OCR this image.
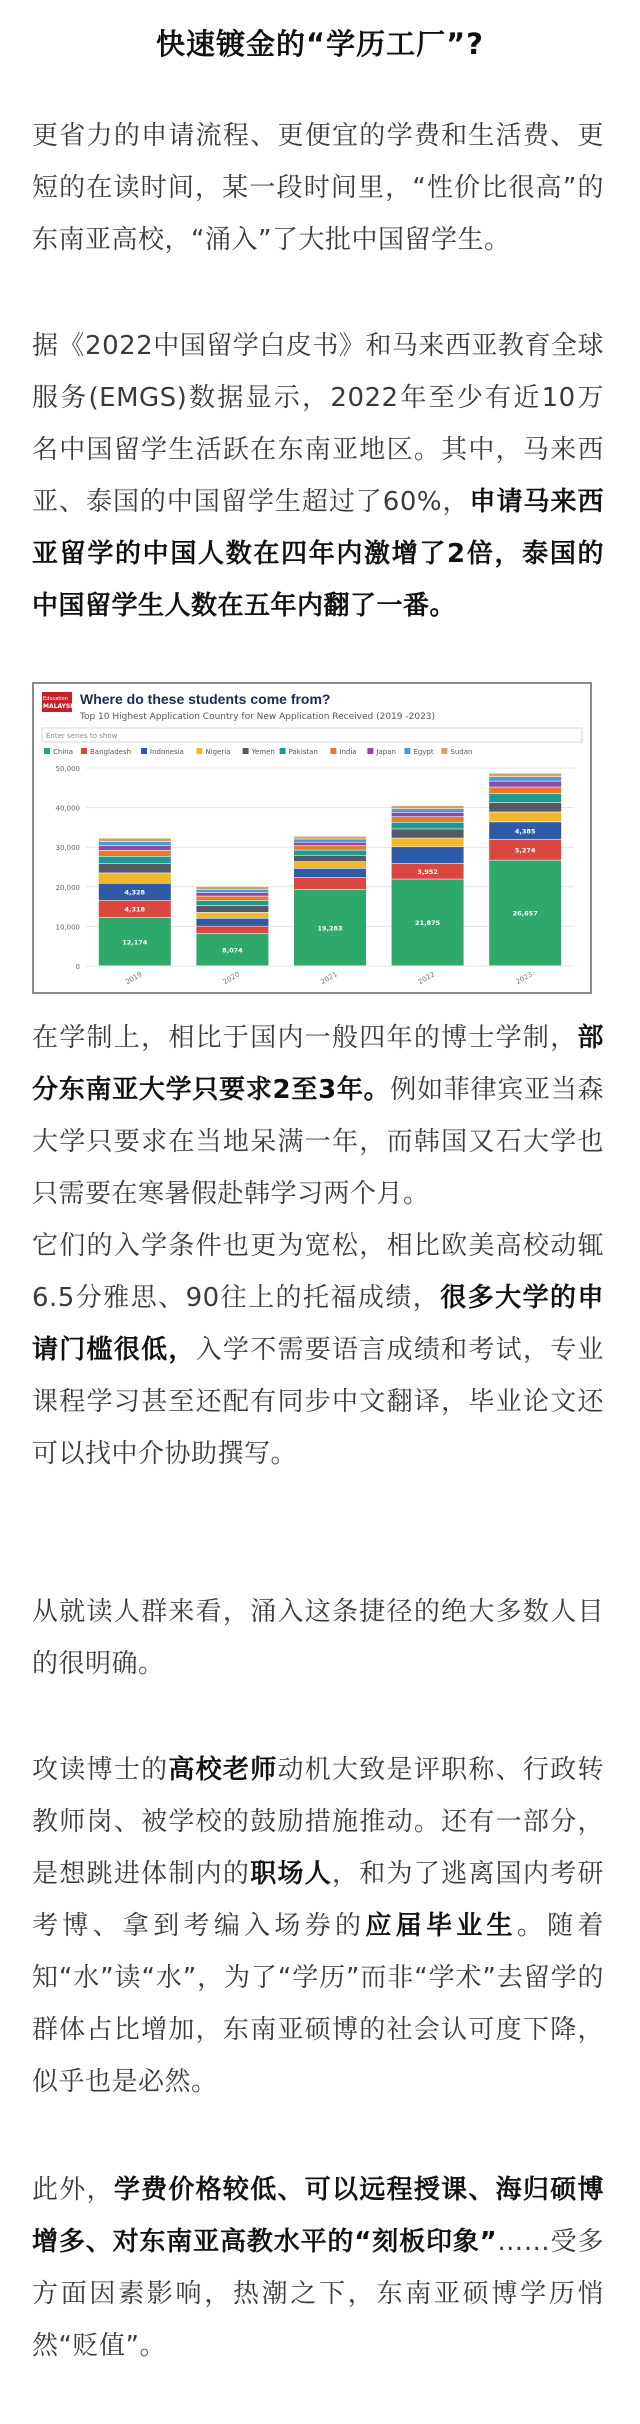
快速镀金的“学历工厂”?
更省力的申请流程、更便宜的学费和生活费、更短的在读时间，某一段时间里，“性价比很高”的东南亚高校，“涌入”了大批中国留学生。
据《2022中国留学白皮书》和马来西亚教育全球服务(EMGS)数据显示，2022年至少有近10万名中国留学生活跃在东南亚地区。其中，马来西亚、泰国的中国留学生超过了60%，申请马来西亚留学的中国人数在四年内激增了2倍，泰国的中国留学生人数在五年内翻了一番。
Education
MALAYSIA Where do these students come from?
Top 10 Highest Application Country for New Application Received (2019 -2023)
Enter series to show
China Bangladesh	Indonesia	Nigeria	Yemen Pakistan	India	Japan Egypt Sudan
0
10,000
20,000
30,000
40,000
50,000
12,174
4,318
4,328
8,074
19,283
21,875
3,952
26,657
5,274
4,385
2019	2020	2021	2022	2023
在学制上，相比于国内一般四年的博士学制，部分东南亚大学只要求2至3年。例如菲律宾亚当森大学只要求在当地呆满一年，而韩国又石大学也只需要在寒暑假赴韩学习两个月。
它们的入学条件也更为宽松，相比欧美高校动辄6.5分雅思、90往上的托福成绩，很多大学的申请门槛很低，入学不需要语言成绩和考试，专业课程学习甚至还配有同步中文翻译，毕业论文还可以找中介协助撰写。
从就读人群来看，涌入这条捷径的绝大多数人目的很明确。
攻读博士的高校老师动机大致是评职称、行政转教师岗、被学校的鼓励措施推动。还有一部分，是想跳进体制内的职场人，和为了逃离国内考研考博、拿到考编入场券的应届毕业生。随着知“水”读“水”，为了“学历”而非“学术”去留学的群体占比增加，东南亚硕博的社会认可度下降，似乎也是必然。
此外，学费价格较低、可以远程授课、海归硕博增多、对东南亚高教水平的“刻板印象”……受多方面因素影响，热潮之下，东南亚硕博学历悄然“贬值”。
